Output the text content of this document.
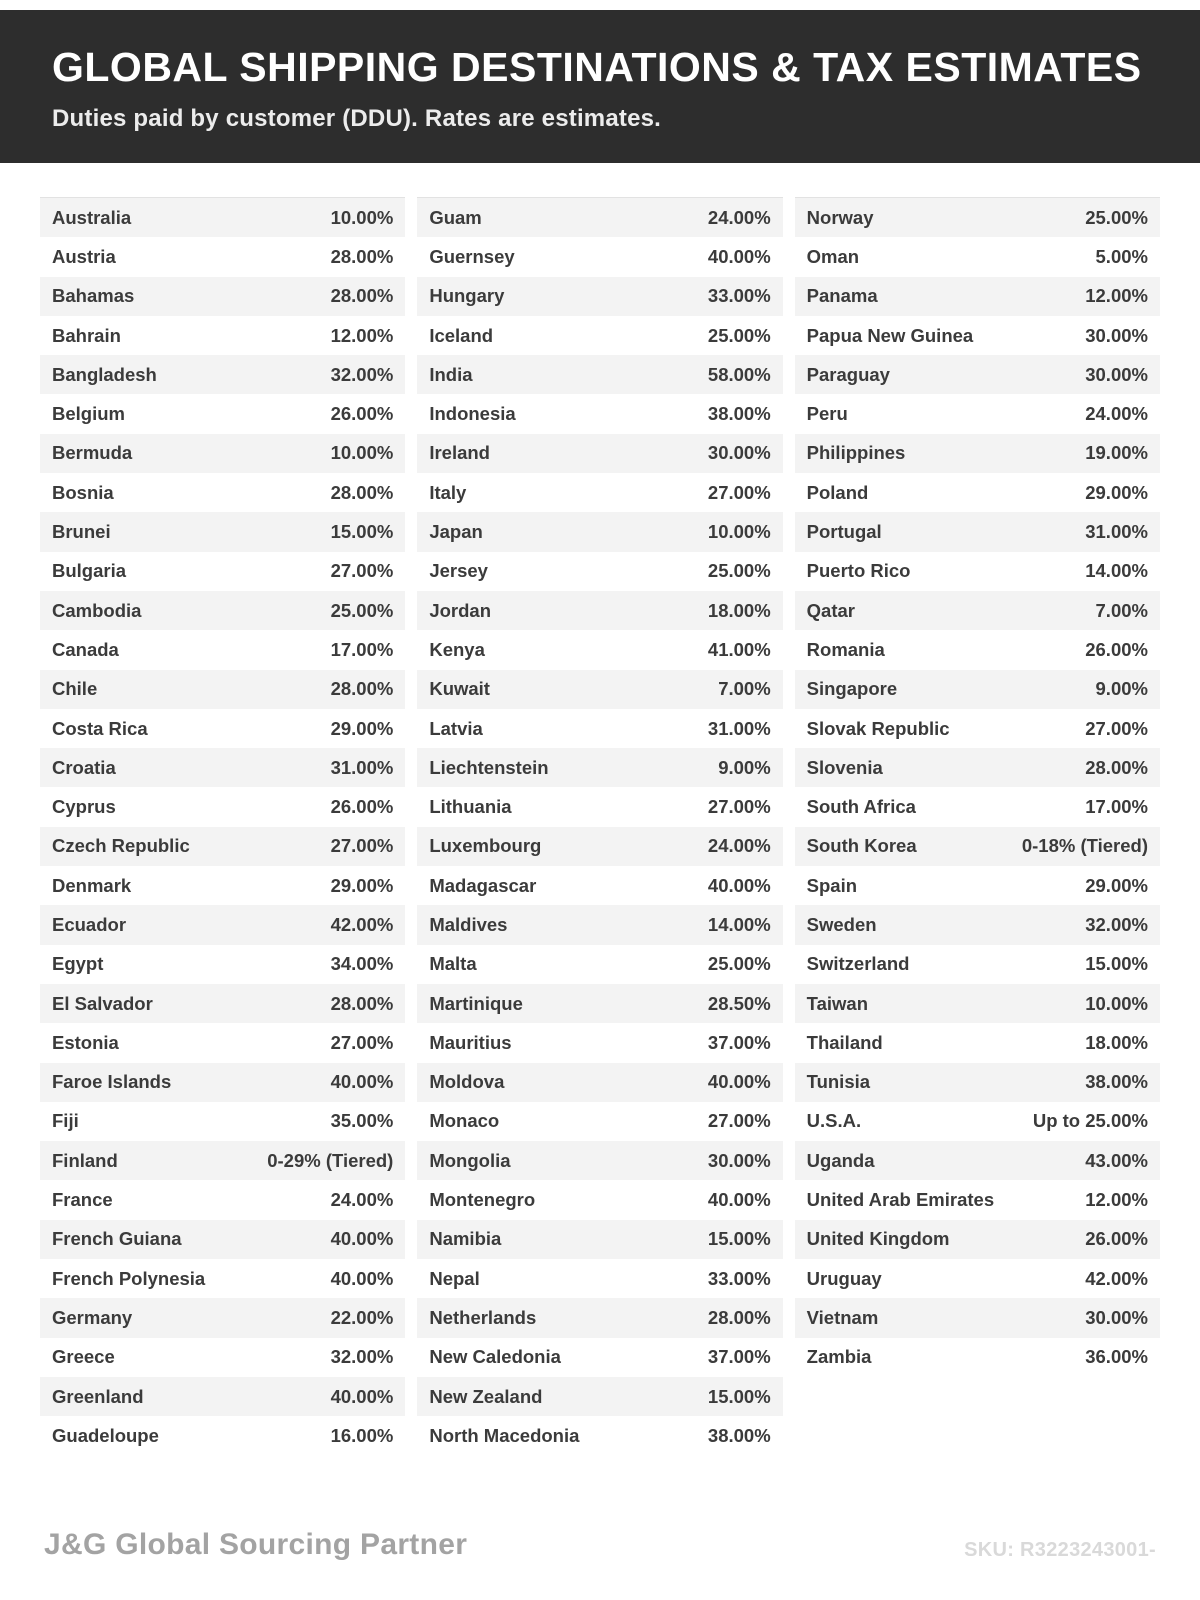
GLOBAL SHIPPING DESTINATIONS & TAX ESTIMATES
Duties paid by customer (DDU). Rates are estimates.
Australia	10.00%
Austria	28.00%
Bahamas	28.00%
Bahrain	12.00%
Bangladesh	32.00%
Belgium	26.00%
Bermuda	10.00%
Bosnia	28.00%
Brunei	15.00%
Bulgaria	27.00%
Cambodia	25.00%
Canada	17.00%
Chile	28.00%
Costa Rica	29.00%
Croatia	31.00%
Cyprus	26.00%
Czech Republic	27.00%
Denmark	29.00%
Ecuador	42.00%
Egypt	34.00%
El Salvador	28.00%
Estonia	27.00%
Faroe Islands	40.00%
Fiji	35.00%
Finland	0-29% (Tiered)
France	24.00%
French Guiana	40.00%
French Polynesia	40.00%
Germany	22.00%
Greece	32.00%
Greenland	40.00%
Guadeloupe	16.00%
Guam	24.00%
Guernsey	40.00%
Hungary	33.00%
Iceland	25.00%
India	58.00%
Indonesia	38.00%
Ireland	30.00%
Italy	27.00%
Japan	10.00%
Jersey	25.00%
Jordan	18.00%
Kenya	41.00%
Kuwait	7.00%
Latvia	31.00%
Liechtenstein	9.00%
Lithuania	27.00%
Luxembourg	24.00%
Madagascar	40.00%
Maldives	14.00%
Malta	25.00%
Martinique	28.50%
Mauritius	37.00%
Moldova	40.00%
Monaco	27.00%
Mongolia	30.00%
Montenegro	40.00%
Namibia	15.00%
Nepal	33.00%
Netherlands	28.00%
New Caledonia	37.00%
New Zealand	15.00%
North Macedonia	38.00%
Norway	25.00%
Oman	5.00%
Panama	12.00%
Papua New Guinea	30.00%
Paraguay	30.00%
Peru	24.00%
Philippines	19.00%
Poland	29.00%
Portugal	31.00%
Puerto Rico	14.00%
Qatar	7.00%
Romania	26.00%
Singapore	9.00%
Slovak Republic	27.00%
Slovenia	28.00%
South Africa	17.00%
South Korea	0-18% (Tiered)
Spain	29.00%
Sweden	32.00%
Switzerland	15.00%
Taiwan	10.00%
Thailand	18.00%
Tunisia	38.00%
U.S.A.	Up to 25.00%
Uganda	43.00%
United Arab Emirates	12.00%
United Kingdom	26.00%
Uruguay	42.00%
Vietnam	30.00%
Zambia	36.00%
J&G Global Sourcing Partner	SKU: R3223243001-
